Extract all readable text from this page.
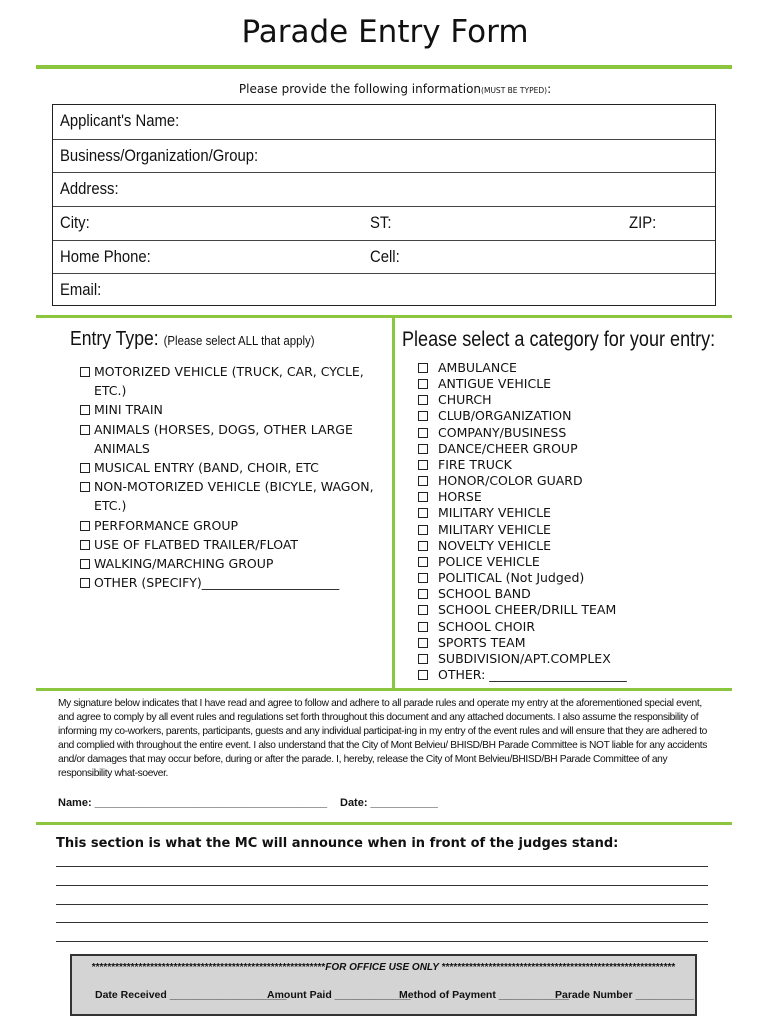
Parade Entry Form
Please provide the following information(MUST BE TYPED):
Applicant's Name:
Business/Organization/Group:
Address:
City:	ST:	ZIP:
Home Phone:	Cell:
Email:
Entry Type: (Please select ALL that apply)
MOTORIZED VEHICLE (TRUCK, CAR, CYCLE, ETC.)
MINI TRAIN
ANIMALS (HORSES, DOGS, OTHER LARGE ANIMALS
MUSICAL ENTRY (BAND, CHOIR, ETC
NON-MOTORIZED VEHICLE (BICYLE, WAGON, ETC.)
PERFORMANCE GROUP
USE OF FLATBED TRAILER/FLOAT
WALKING/MARCHING GROUP
OTHER (SPECIFY)______________________
Please select a category for your entry:
AMBULANCE
ANTIGUE VEHICLE
CHURCH
CLUB/ORGANIZATION
COMPANY/BUSINESS
DANCE/CHEER GROUP
FIRE TRUCK
HONOR/COLOR GUARD
HORSE
MILITARY VEHICLE
MILITARY VEHICLE
NOVELTY VEHICLE
POLICE VEHICLE
POLITICAL (Not Judged)
SCHOOL BAND
SCHOOL CHEER/DRILL TEAM
SCHOOL CHOIR
SPORTS TEAM
SUBDIVISION/APT.COMPLEX
OTHER: ______________________
My signature below indicates that I have read and agree to follow and adhere to all parade rules and operate my entry at the aforementioned special event, and agree to comply by all event rules and regulations set forth throughout this document and any attached documents. I also assume the responsibility of informing my co-workers, parents, participants, guests and any individual participat-ing in my entry of the event rules and will ensure that they are adhered to and complied with throughout the entire event. I also understand that the City of Mont Belvieu/ BHISD/BH Parade Committee is NOT liable for any accidents and/or damages that may occur before, during or after the parade. I, hereby, release the City of Mont Belvieu/BHISD/BH Parade Committee of any responsibility what-soever.
Name: ______________________________________ Date: ___________
This section is what the MC will announce when in front of the judges stand:
************************************************************FOR OFFICE USE ONLY ************************************************************
Date Received ____________________
Amount Paid _____________
Method of Payment ____________
Parade Number __________
